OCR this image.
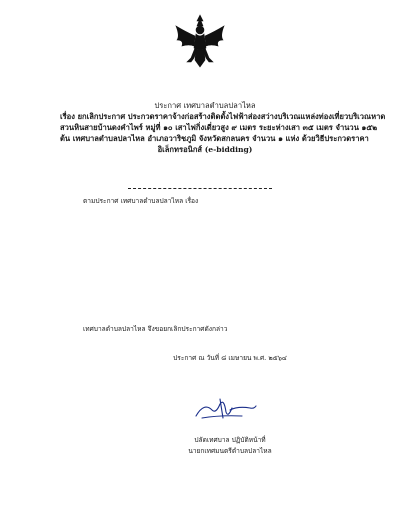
ประกาศ เทศบาลตำบลปลาไหล
เรื่อง ยกเลิกประกาศ ประกวดราคาจ้างก่อสร้างติดตั้งไฟฟ้าส่องสว่างบริเวณแหล่งท่องเที่ยวบริเวณหาด
สวนหินสายบ้านดงคำไพร์ หมู่ที่ ๑๐ เสาไฟกิ่งเดี่ยวสูง ๙ เมตร ระยะห่างเสา ๓๕ เมตร จำนวน ๑๕๒
ต้น เทศบาลตำบลปลาไหล อำเภอวาริชภูมิ จังหวัดสกลนคร จำนวน ๑ แห่ง ด้วยวิธีประกวดราคา
อิเล็กทรอนิกส์ (e-bidding)
ตามประกาศ เทศบาลตำบลปลาไหล เรื่อง
เทศบาลตำบลปลาไหล จึงขอยกเลิกประกาศดังกล่าว
ประกาศ ณ วันที่ ๘ เมษายน พ.ศ. ๒๕๖๔
ปลัดเทศบาล ปฏิบัติหน้าที่
นายกเทศมนตรีตำบลปลาไหล
